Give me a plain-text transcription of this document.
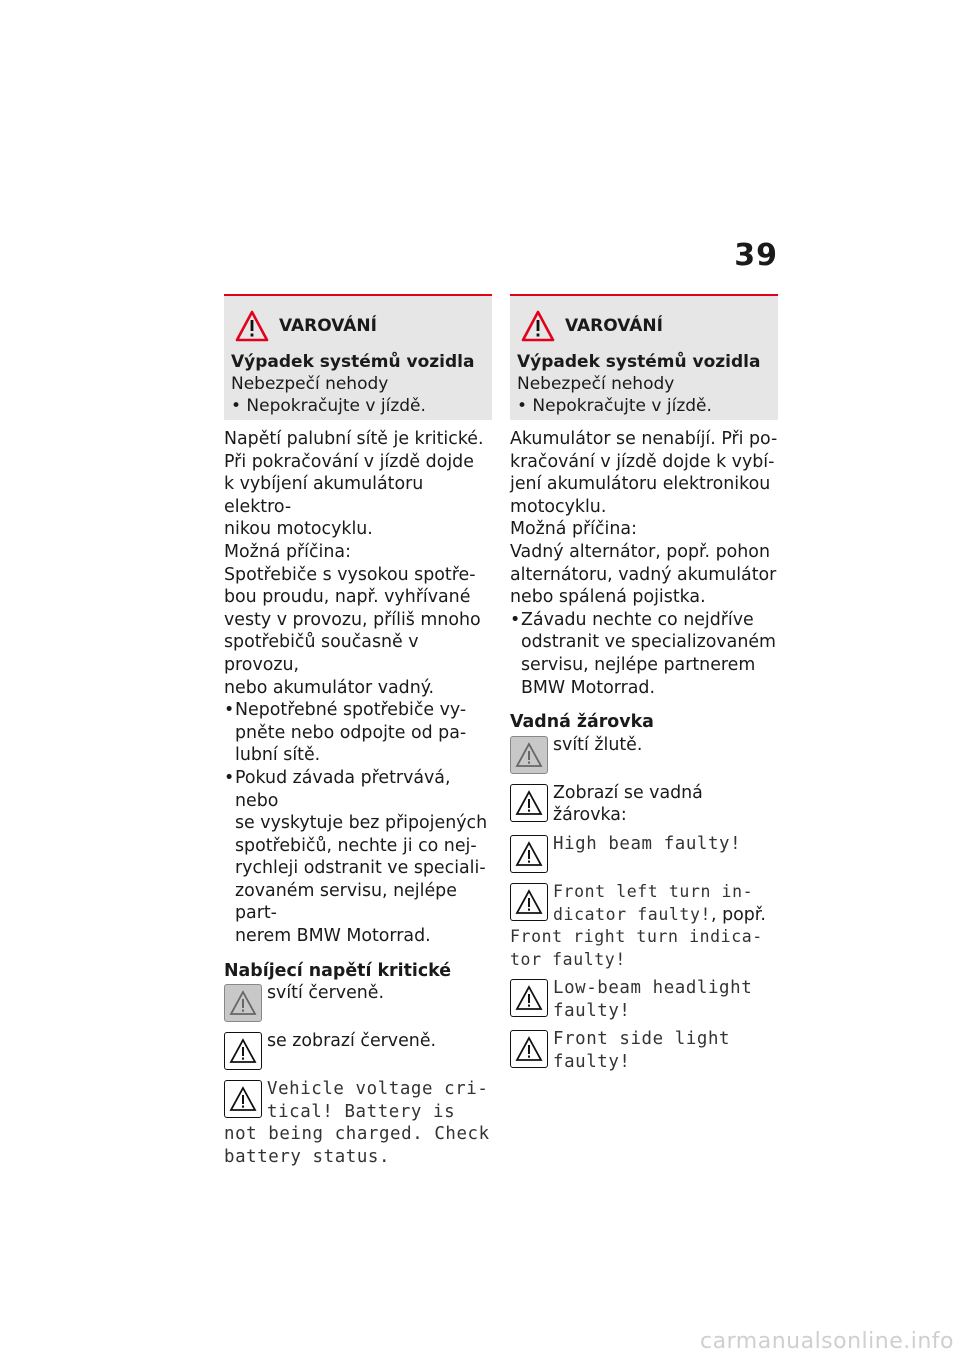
39
VAROVÁNÍ
Výpadek systémů vozidla
Nebezpečí nehody
• Nepokračujte v jízdě.

Napětí palubní sítě je kritické.
Při pokračování v jízdě dojde
k vybíjení akumulátoru elektro-
nikou motocyklu.

Možná příčina:

Spotřebiče s vysokou spotře-
bou proudu, např. vyhřívané
vesty v provozu, příliš mnoho
spotřebičů současně v provozu,
nebo akumulátor vadný.

• Nepotřebné spotřebiče vy-
pněte nebo odpojte od pa-
lubní sítě.

• Pokud závada přetrvává, nebo
se vyskytuje bez připojených
spotřebičů, nechte ji co nej-
rychleji odstranit ve speciali-
zovaném servisu, nejlépe part-
nerem BMW Motorrad.

Nabíjecí napětí kritické
svítí červeně.
se zobrazí červeně.
Vehicle voltage cri-
tical! Battery is
not being charged. Check
battery status.
VAROVÁNÍ
Výpadek systémů vozidla
Nebezpečí nehody
• Nepokračujte v jízdě.

Akumulátor se nenabíjí. Při po-
kračování v jízdě dojde k vybí-
jení akumulátoru elektronikou
motocyklu.

Možná příčina:

Vadný alternátor, popř. pohon
alternátoru, vadný akumulátor
nebo spálená pojistka.

• Závadu nechte co nejdříve
odstranit ve specializovaném
servisu, nejlépe partnerem
BMW Motorrad.

Vadná žárovka
svítí žlutě.
Zobrazí se vadná žárovka:
High beam faulty!
Front left turn in-
dicator faulty!, popř.
Front right turn indica-
tor faulty!
Low-beam headlight
faulty!
Front side light
faulty!
carmanualsonline.info
